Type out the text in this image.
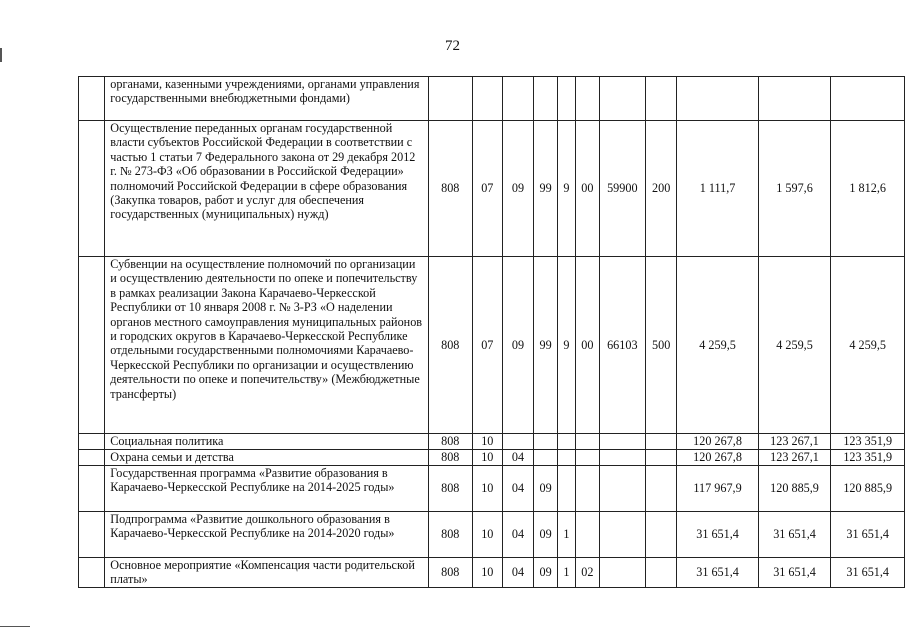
72
	органами, казенными учреждениями, органами управления государственными внебюджетными фондами)											
	Осуществление переданных органам государственной власти субъектов Российской Федерации в соответствии с частью 1 статьи 7 Федерального закона от 29 декабря 2012 г. № 273-ФЗ «Об образовании в Российской Федерации» полномочий Российской Федерации в сфере образования (Закупка товаров, работ и услуг для обеспечения государственных (муниципальных) нужд)	808	07	09	99	9	00	59900	200	1 111,7	1 597,6	1 812,6
	Субвенции на осуществление полномочий по организации и осуществлению деятельности по опеке и попечительству в рамках реализации Закона Карачаево-Черкесской Республики от 10 января 2008 г. № 3-РЗ «О наделении органов местного самоуправления муниципальных районов и городских округов в Карачаево-Черкесской Республике отдельными государственными полномочиями Карачаево-Черкесской Республики по организации и осуществлению деятельности по опеке и попечительству» (Межбюджетные трансферты)	808	07	09	99	9	00	66103	500	4 259,5	4 259,5	4 259,5
	Социальная политика	808	10							120 267,8	123 267,1	123 351,9
	Охрана семьи и детства	808	10	04						120 267,8	123 267,1	123 351,9
	Государственная программа «Развитие образования в Карачаево-Черкесской Республике на 2014-2025 годы»	808	10	04	09					117 967,9	120 885,9	120 885,9
	Подпрограмма «Развитие дошкольного образования в Карачаево-Черкесской Республике на 2014-2020 годы»	808	10	04	09	1				31 651,4	31 651,4	31 651,4
	Основное мероприятие «Компенсация части родительской платы»	808	10	04	09	1	02			31 651,4	31 651,4	31 651,4
